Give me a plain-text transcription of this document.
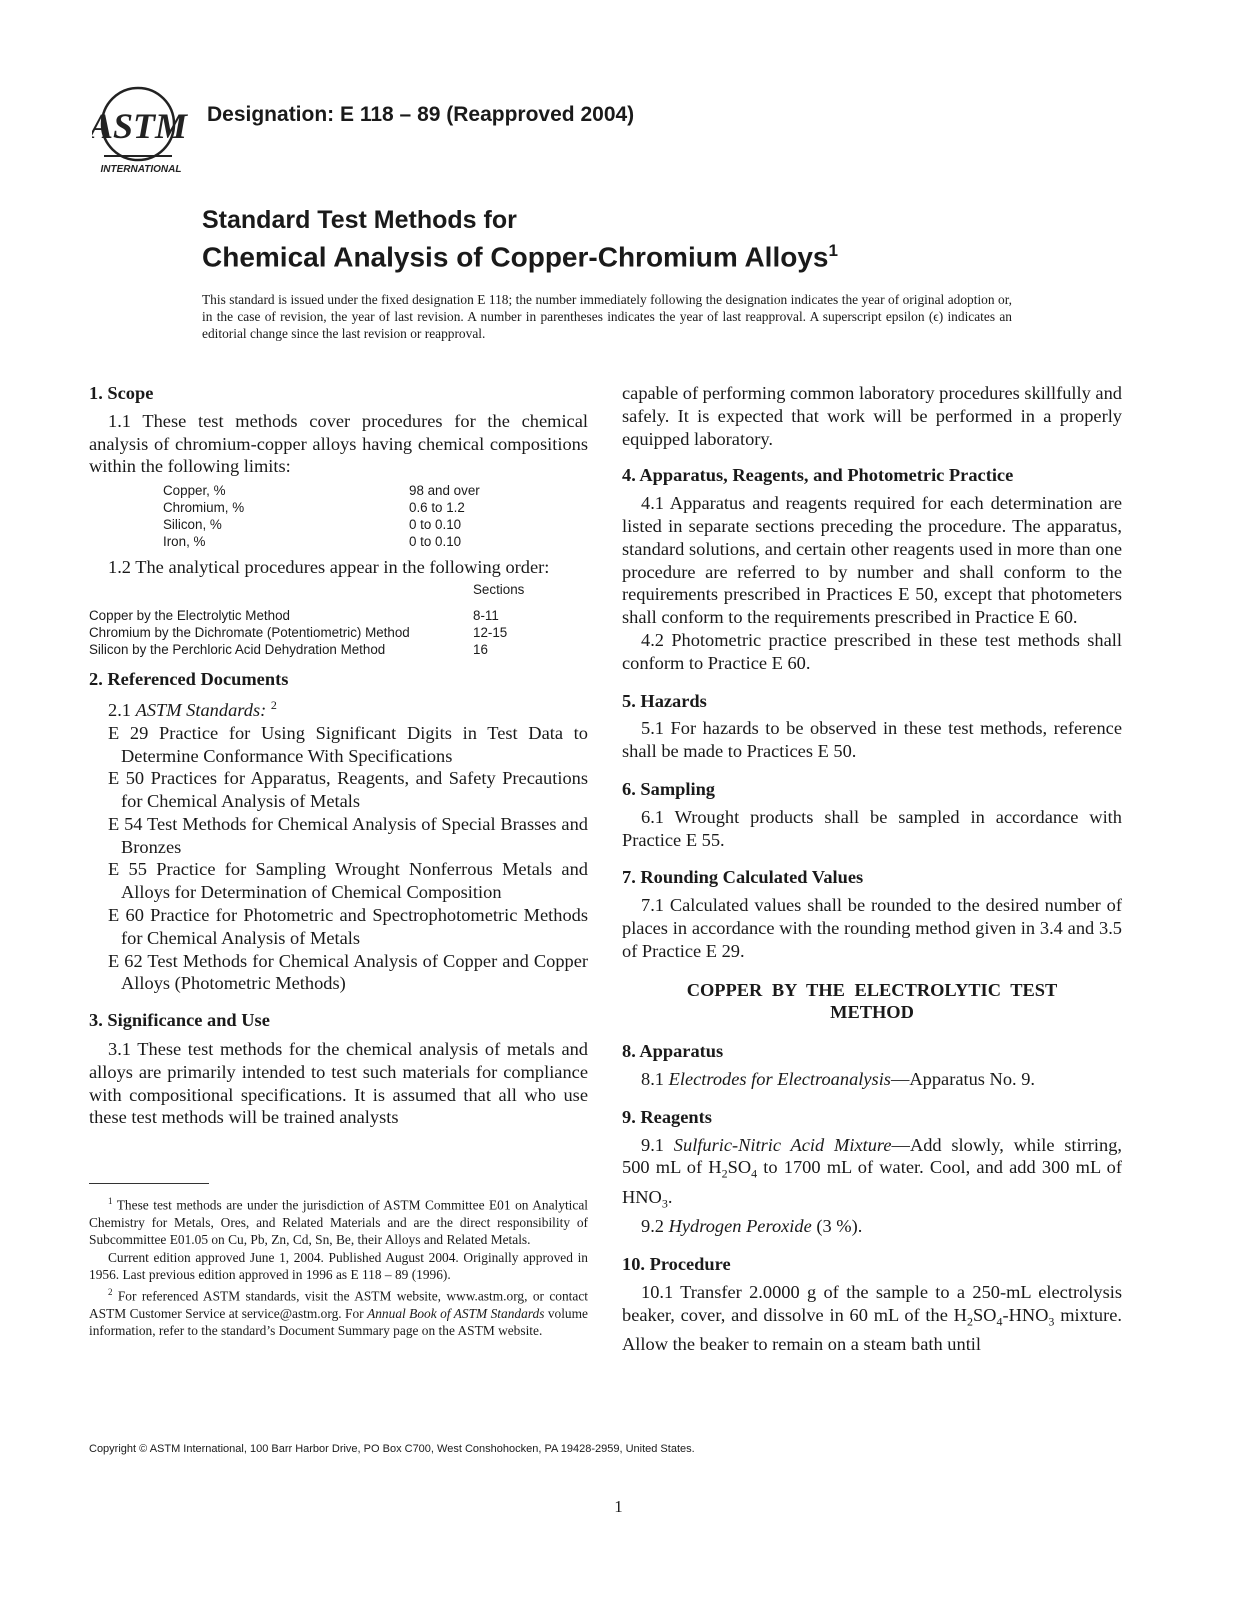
ASTM
INTERNATIONAL
Designation: E 118 – 89 (Reapproved 2004)
Standard Test Methods for
Chemical Analysis of Copper-Chromium Alloys$^1$
This standard is issued under the fixed designation E 118; the number immediately following the designation indicates the year of original adoption or, in the case of revision, the year of last revision. A number in parentheses indicates the year of last reapproval. A superscript epsilon (ϵ) indicates an editorial change since the last revision or reapproval.
1. Scope

1.1 These test methods cover procedures for the chemical analysis of chromium-copper alloys having chemical compositions within the following limits:

Copper, %	98 and over
Chromium, %	0.6 to 1.2
Silicon, %	0 to 0.10
Iron, %	0 to 0.10

1.2 The analytical procedures appear in the following order:

	Sections
Copper by the Electrolytic Method	8-11
Chromium by the Dichromate (Potentiometric) Method	12-15
Silicon by the Perchloric Acid Dehydration Method	16
2. Referenced Documents

2.1 ASTM Standards: $^2$

E 29 Practice for Using Significant Digits in Test Data to Determine Conformance With Specifications

E 50 Practices for Apparatus, Reagents, and Safety Precautions for Chemical Analysis of Metals

E 54 Test Methods for Chemical Analysis of Special Brasses and Bronzes

E 55 Practice for Sampling Wrought Nonferrous Metals and Alloys for Determination of Chemical Composition

E 60 Practice for Photometric and Spectrophotometric Methods for Chemical Analysis of Metals

E 62 Test Methods for Chemical Analysis of Copper and Copper Alloys (Photometric Methods)

3. Significance and Use

3.1 These test methods for the chemical analysis of metals and alloys are primarily intended to test such materials for compliance with compositional specifications. It is assumed that all who use these test methods will be trained analysts

capable of performing common laboratory procedures skillfully and safely. It is expected that work will be performed in a properly equipped laboratory.

4. Apparatus, Reagents, and Photometric Practice

4.1 Apparatus and reagents required for each determination are listed in separate sections preceding the procedure. The apparatus, standard solutions, and certain other reagents used in more than one procedure are referred to by number and shall conform to the requirements prescribed in Practices E 50, except that photometers shall conform to the requirements prescribed in Practice E 60.

4.2 Photometric practice prescribed in these test methods shall conform to Practice E 60.

5. Hazards

5.1 For hazards to be observed in these test methods, reference shall be made to Practices E 50.

6. Sampling

6.1 Wrought products shall be sampled in accordance with Practice E 55.

7. Rounding Calculated Values

7.1 Calculated values shall be rounded to the desired number of places in accordance with the rounding method given in 3.4 and 3.5 of Practice E 29.

COPPER BY THE ELECTROLYTIC TEST
METHOD
8. Apparatus

8.1 Electrodes for Electroanalysis—Apparatus No. 9.

9. Reagents

9.1 Sulfuric-Nitric Acid Mixture—Add slowly, while stirring, 500 mL of $H_2SO_4$ to 1700 mL of water. Cool, and add 300 mL of $HNO_3$.

9.2 Hydrogen Peroxide (3 %).

10. Procedure

10.1 Transfer 2.0000 g of the sample to a 250-mL electrolysis beaker, cover, and dissolve in 60 mL of the $H_2SO_4-HNO_3$ mixture. Allow the beaker to remain on a steam bath until

$^1$ These test methods are under the jurisdiction of ASTM Committee E01 on Analytical Chemistry for Metals, Ores, and Related Materials and are the direct responsibility of Subcommittee E01.05 on Cu, Pb, Zn, Cd, Sn, Be, their Alloys and Related Metals.

Current edition approved June 1, 2004. Published August 2004. Originally approved in 1956. Last previous edition approved in 1996 as E 118 – 89 (1996).

$^2$ For referenced ASTM standards, visit the ASTM website, www.astm.org, or contact ASTM Customer Service at service@astm.org. For Annual Book of ASTM Standards volume information, refer to the standard’s Document Summary page on the ASTM website.

Copyright © ASTM International, 100 Barr Harbor Drive, PO Box C700, West Conshohocken, PA 19428-2959, United States.
1
